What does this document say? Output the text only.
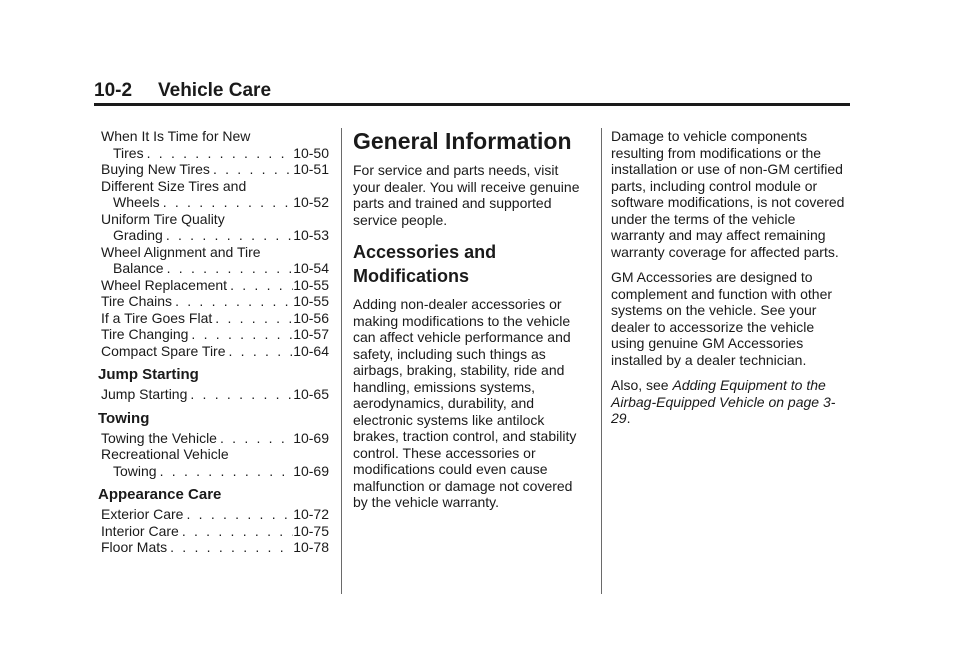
10-2 Vehicle Care
When It Is Time for New
Tires . . .	10-50
Buying New Tires . . .	10-51
Different Size Tires and
Wheels . . .	10-52
Uniform Tire Quality
Grading . . .	10-53
Wheel Alignment and Tire
Balance . . .	10-54
Wheel Replacement . . .	10-55
Tire Chains . . .	10-55
If a Tire Goes Flat . . .	10-56
Tire Changing . . .	10-57
Compact Spare Tire . . .	10-64
Jump Starting
Jump Starting . . .	10-65
Towing
Towing the Vehicle . . .	10-69
Recreational Vehicle
Towing . . .	10-69
Appearance Care
Exterior Care . . .	10-72
Interior Care . . .	10-75
Floor Mats . . .	10-78
General Information

For service and parts needs, visit your dealer. You will receive genuine parts and trained and supported service people.

Accessories and Modifications

Adding non-dealer accessories or making modifications to the vehicle can affect vehicle performance and safety, including such things as airbags, braking, stability, ride and handling, emissions systems, aerodynamics, durability, and electronic systems like antilock brakes, traction control, and stability control. These accessories or modifications could even cause malfunction or damage not covered by the vehicle warranty.

Damage to vehicle components resulting from modifications or the installation or use of non-GM certified parts, including control module or software modifications, is not covered under the terms of the vehicle warranty and may affect remaining warranty coverage for affected parts.

GM Accessories are designed to complement and function with other systems on the vehicle. See your dealer to accessorize the vehicle using genuine GM Accessories installed by a dealer technician.

Also, see Adding Equipment to the Airbag-Equipped Vehicle on page 3-29.
